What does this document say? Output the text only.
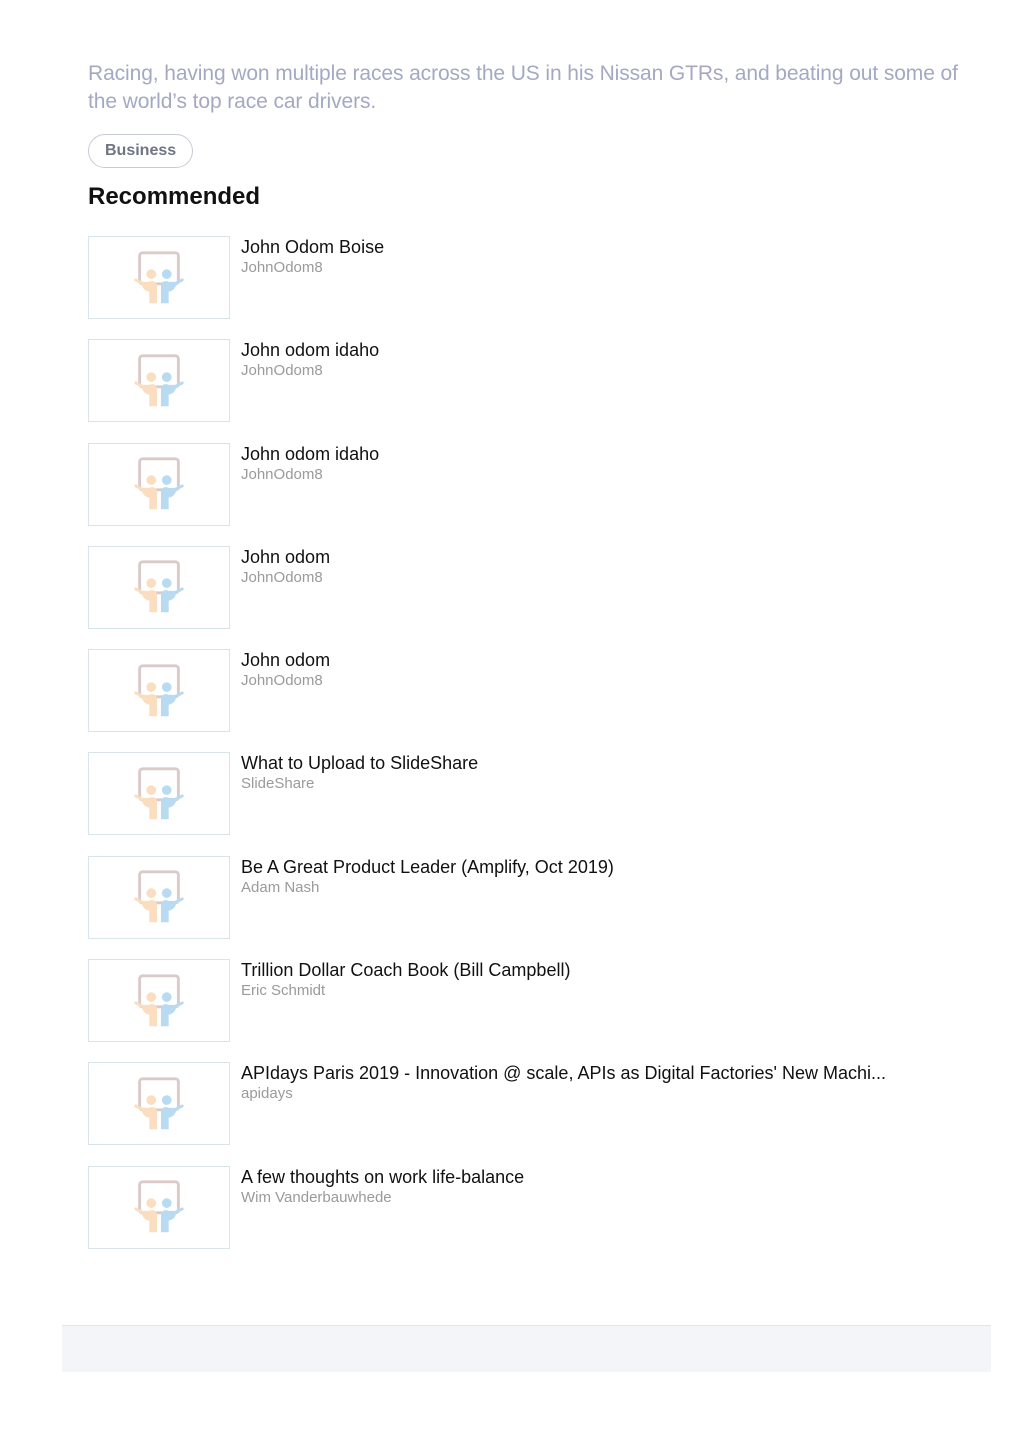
Racing, having won multiple races across the US in his Nissan GTRs, and beating out some of the world’s top race car drivers.

Business
Recommended
John Odom Boise
JohnOdom8
John odom idaho
JohnOdom8
John odom idaho
JohnOdom8
John odom
JohnOdom8
John odom
JohnOdom8
What to Upload to SlideShare
SlideShare
Be A Great Product Leader (Amplify, Oct 2019)
Adam Nash
Trillion Dollar Coach Book (Bill Campbell)
Eric Schmidt
APIdays Paris 2019 - Innovation @ scale, APIs as Digital Factories' New Machi...
apidays
A few thoughts on work life-balance
Wim Vanderbauwhede
